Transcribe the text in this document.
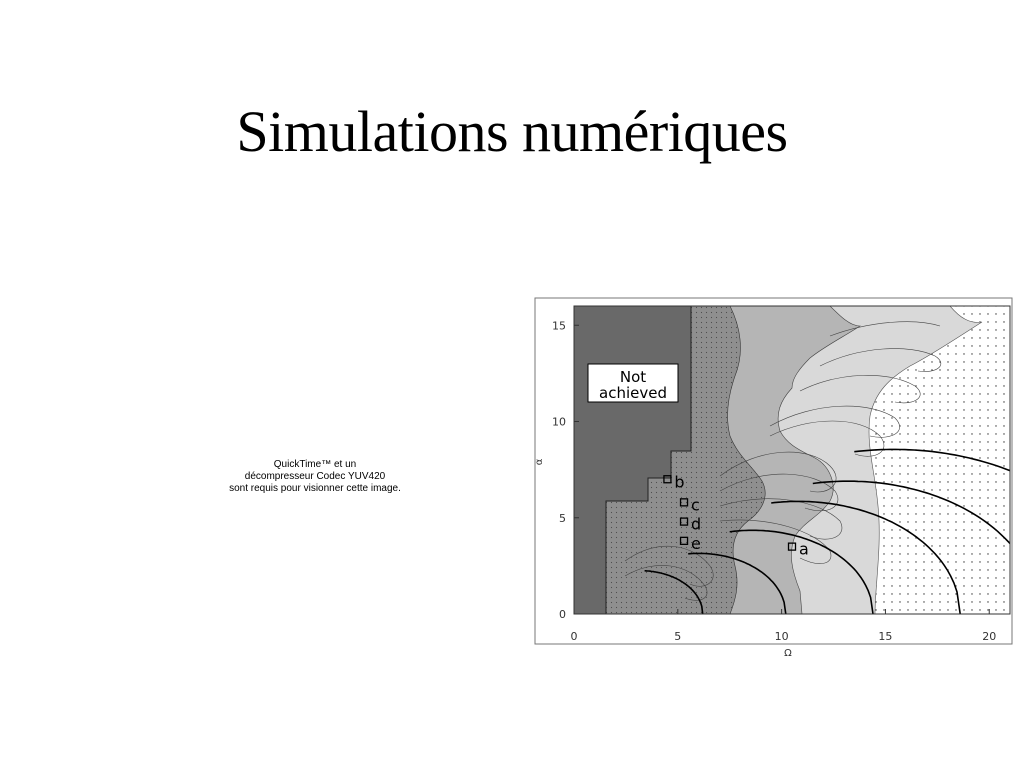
Simulations numériques
QuickTime™ et un
décompresseur Codec YUV420
sont requis pour visionner cette image.
Not
achieved
0	5	10	15	20
0
5
10
15
a
b
c
d
e
Ω
α
